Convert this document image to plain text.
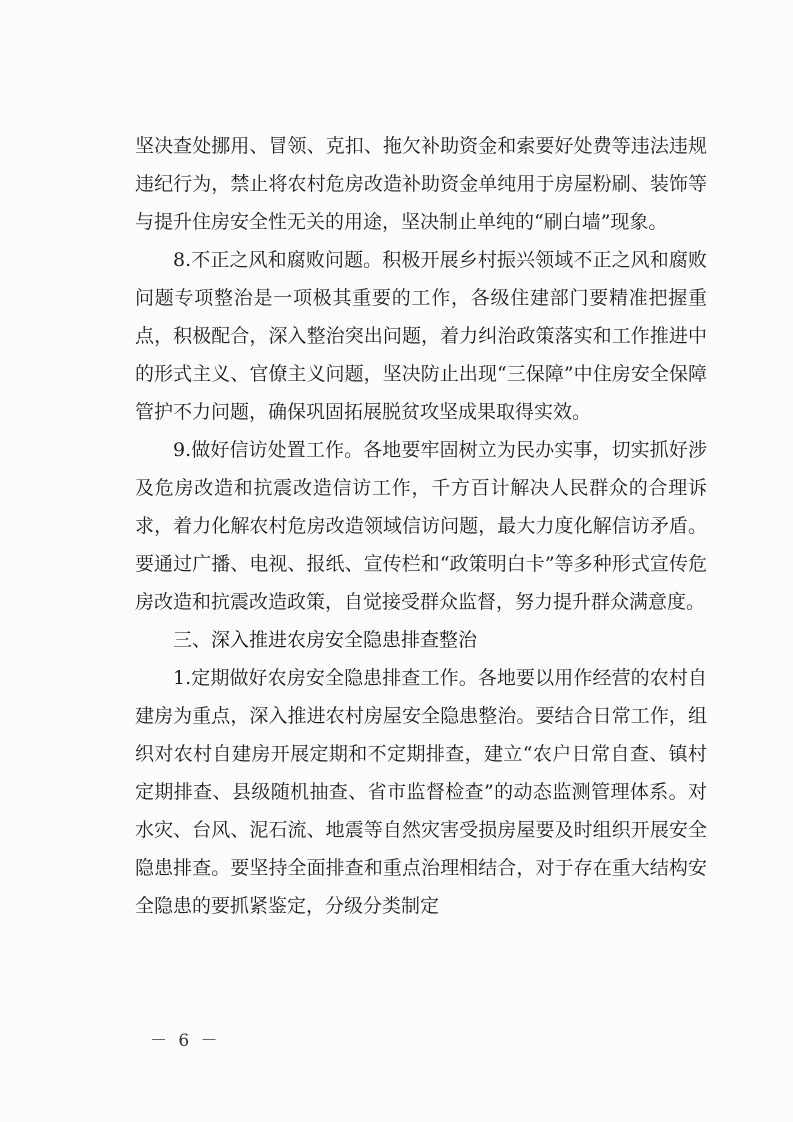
坚决查处挪用、冒领、克扣、拖欠补助资金和索要好处费等违法违规违纪行为，禁止将农村危房改造补助资金单纯用于房屋粉刷、装饰等与提升住房安全性无关的用途，坚决制止单纯的“刷白墙”现象。

8.不正之风和腐败问题。积极开展乡村振兴领域不正之风和腐败问题专项整治是一项极其重要的工作，各级住建部门要精准把握重点，积极配合，深入整治突出问题，着力纠治政策落实和工作推进中的形式主义、官僚主义问题，坚决防止出现“三保障”中住房安全保障管护不力问题，确保巩固拓展脱贫攻坚成果取得实效。

9.做好信访处置工作。各地要牢固树立为民办实事，切实抓好涉及危房改造和抗震改造信访工作，千方百计解决人民群众的合理诉求，着力化解农村危房改造领域信访问题，最大力度化解信访矛盾。要通过广播、电视、报纸、宣传栏和“政策明白卡”等多种形式宣传危房改造和抗震改造政策，自觉接受群众监督，努力提升群众满意度。

三、深入推进农房安全隐患排查整治

1.定期做好农房安全隐患排查工作。各地要以用作经营的农村自建房为重点，深入推进农村房屋安全隐患整治。要结合日常工作，组织对农村自建房开展定期和不定期排查，建立“农户日常自查、镇村定期排查、县级随机抽查、省市监督检查”的动态监测管理体系。对水灾、台风、泥石流、地震等自然灾害受损房屋要及时组织开展安全隐患排查。要坚持全面排查和重点治理相结合，对于存在重大结构安全隐患的要抓紧鉴定，分级分类制定

－ 6 －
